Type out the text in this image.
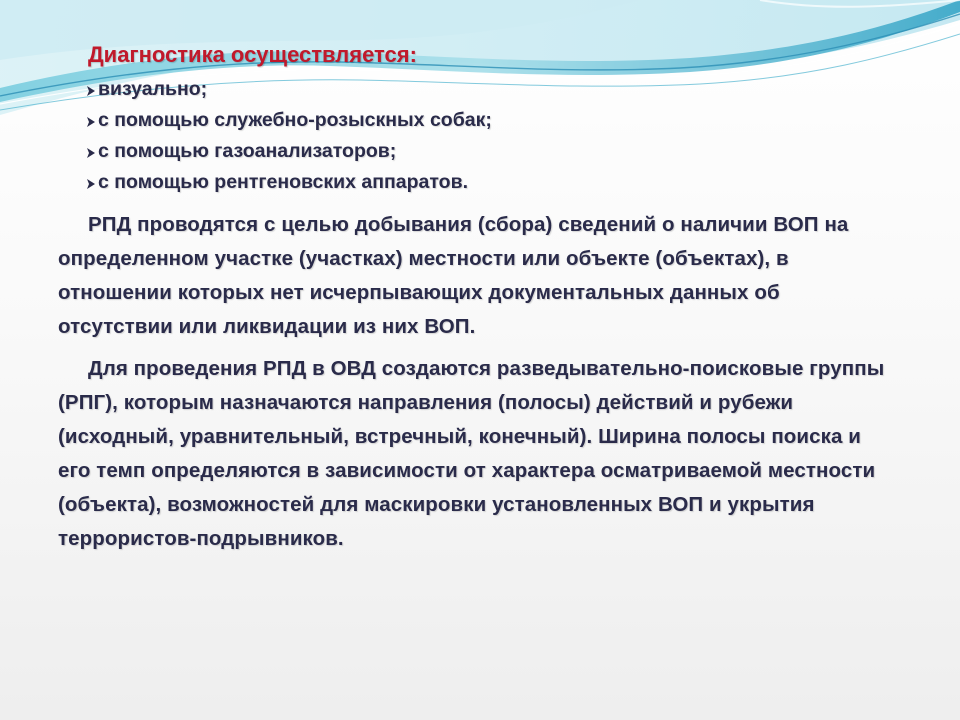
Диагностика осуществляется:
визуально;
с помощью служебно-розыскных собак;
с помощью газоанализаторов;
с помощью рентгеновских аппаратов.

РПД проводятся с целью добывания (сбора) сведений о наличии ВОП на определенном участке (участках) местности или объекте (объектах), в отношении которых нет исчерпывающих документальных данных об отсутствии или ликвидации из них ВОП.

Для проведения РПД в ОВД создаются разведывательно-поисковые группы (РПГ), которым назначаются направления (полосы) действий и рубежи (исходный, уравнительный, встречный, конечный). Ширина полосы поиска и его темп определяются в зависимости от характера осматриваемой местности (объекта), возможностей для маскировки установленных ВОП и укрытия террористов-подрывников.
